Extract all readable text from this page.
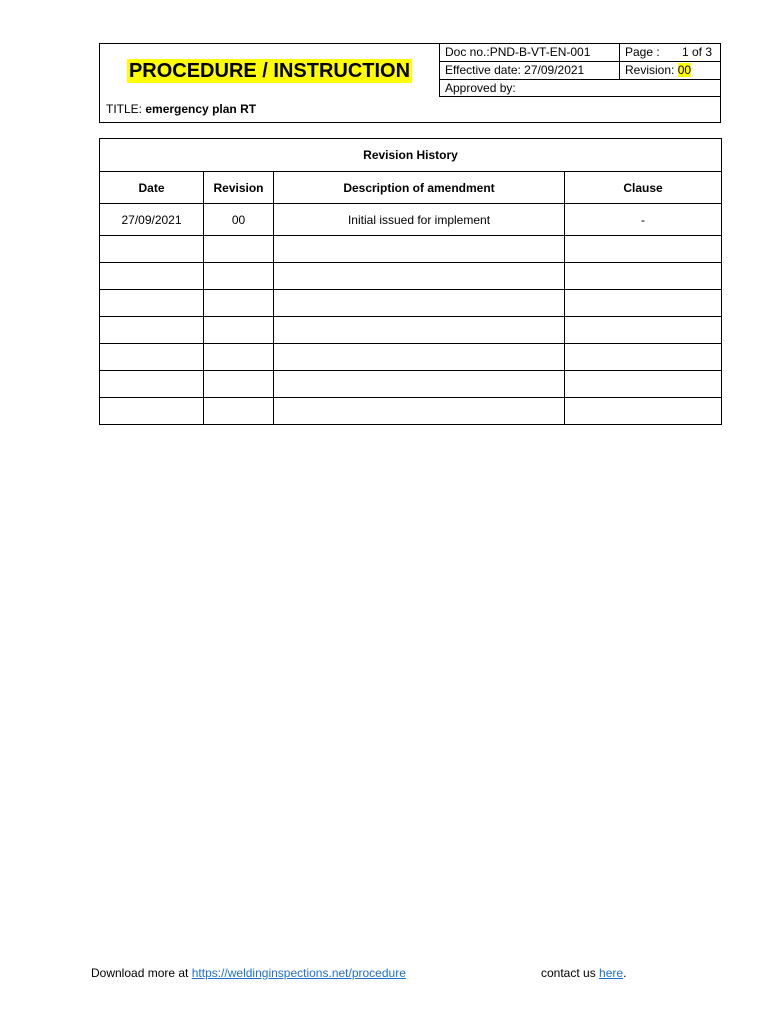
PROCEDURE / INSTRUCTION
Doc no.:PND-B-VT-EN-001	Page : 1 of 3
Effective date: 27/09/2021	Revision: 00
Approved by:
TITLE: emergency plan RT
Revision History			
Date	Revision	Description of amendment	Clause
27/09/2021	00	Initial issued for implement	-

Download more at https://weldinginspections.net/procedure	contact us here.
